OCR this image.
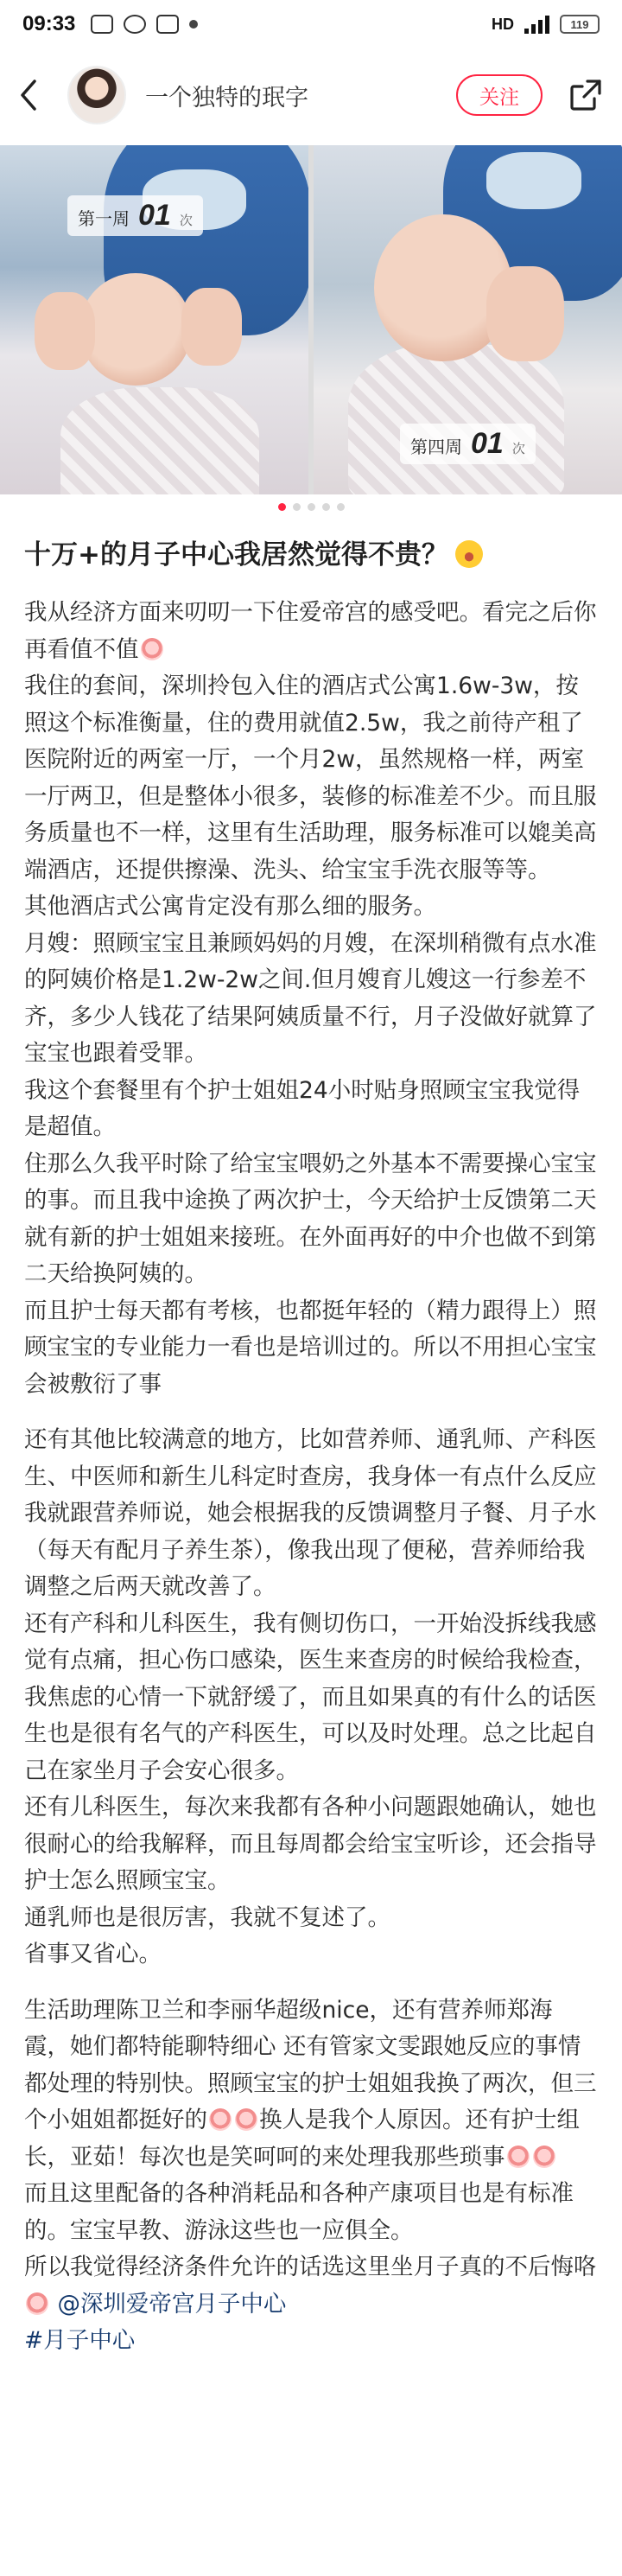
09:33	HD	119
一个独特的珉字	关注
第一周 01 次
第四周 01 次
十万+的月子中心我居然觉得不贵？

我从经济方面来叨叨一下住爱帝宫的感受吧。看完之后你再看值不值

我住的套间，深圳拎包入住的酒店式公寓1.6w-3w，按照这个标准衡量，住的费用就值2.5w，我之前待产租了医院附近的两室一厅，一个月2w，虽然规格一样，两室一厅两卫，但是整体小很多，装修的标准差不少。而且服务质量也不一样，这里有生活助理，服务标准可以媲美高端酒店，还提供擦澡、洗头、给宝宝手洗衣服等等。

其他酒店式公寓肯定没有那么细的服务。

月嫂：照顾宝宝且兼顾妈妈的月嫂，在深圳稍微有点水准的阿姨价格是1.2w-2w之间.但月嫂育儿嫂这一行参差不齐，多少人钱花了结果阿姨质量不行，月子没做好就算了 宝宝也跟着受罪。

我这个套餐里有个护士姐姐24小时贴身照顾宝宝我觉得是超值。

住那么久我平时除了给宝宝喂奶之外基本不需要操心宝宝的事。而且我中途换了两次护士，今天给护士反馈第二天就有新的护士姐姐来接班。在外面再好的中介也做不到第二天给换阿姨的。

而且护士每天都有考核，也都挺年轻的（精力跟得上）照顾宝宝的专业能力一看也是培训过的。所以不用担心宝宝会被敷衍了事

还有其他比较满意的地方，比如营养师、通乳师、产科医生、中医师和新生儿科定时查房，我身体一有点什么反应我就跟营养师说，她会根据我的反馈调整月子餐、月子水（每天有配月子养生茶），像我出现了便秘，营养师给我调整之后两天就改善了。

还有产科和儿科医生，我有侧切伤口，一开始没拆线我感觉有点痛，担心伤口感染，医生来查房的时候给我检查，我焦虑的心情一下就舒缓了，而且如果真的有什么的话医生也是很有名气的产科医生，可以及时处理。总之比起自己在家坐月子会安心很多。

还有儿科医生，每次来我都有各种小问题跟她确认，她也很耐心的给我解释，而且每周都会给宝宝听诊，还会指导护士怎么照顾宝宝。

通乳师也是很厉害，我就不复述了。

省事又省心。

生活助理陈卫兰和李丽华超级nice，还有营养师郑海霞，她们都特能聊特细心 还有管家文雯跟她反应的事情都处理的特别快。照顾宝宝的护士姐姐我换了两次，但三个小姐姐都挺好的 换人是我个人原因。还有护士组长，亚茹！每次也是笑呵呵的来处理我那些琐事

而且这里配备的各种消耗品和各种产康项目也是有标准的。宝宝早教、游泳这些也一应俱全。

所以我觉得经济条件允许的话选这里坐月子真的不后悔咯 @深圳爱帝宫月子中心

#月子中心
